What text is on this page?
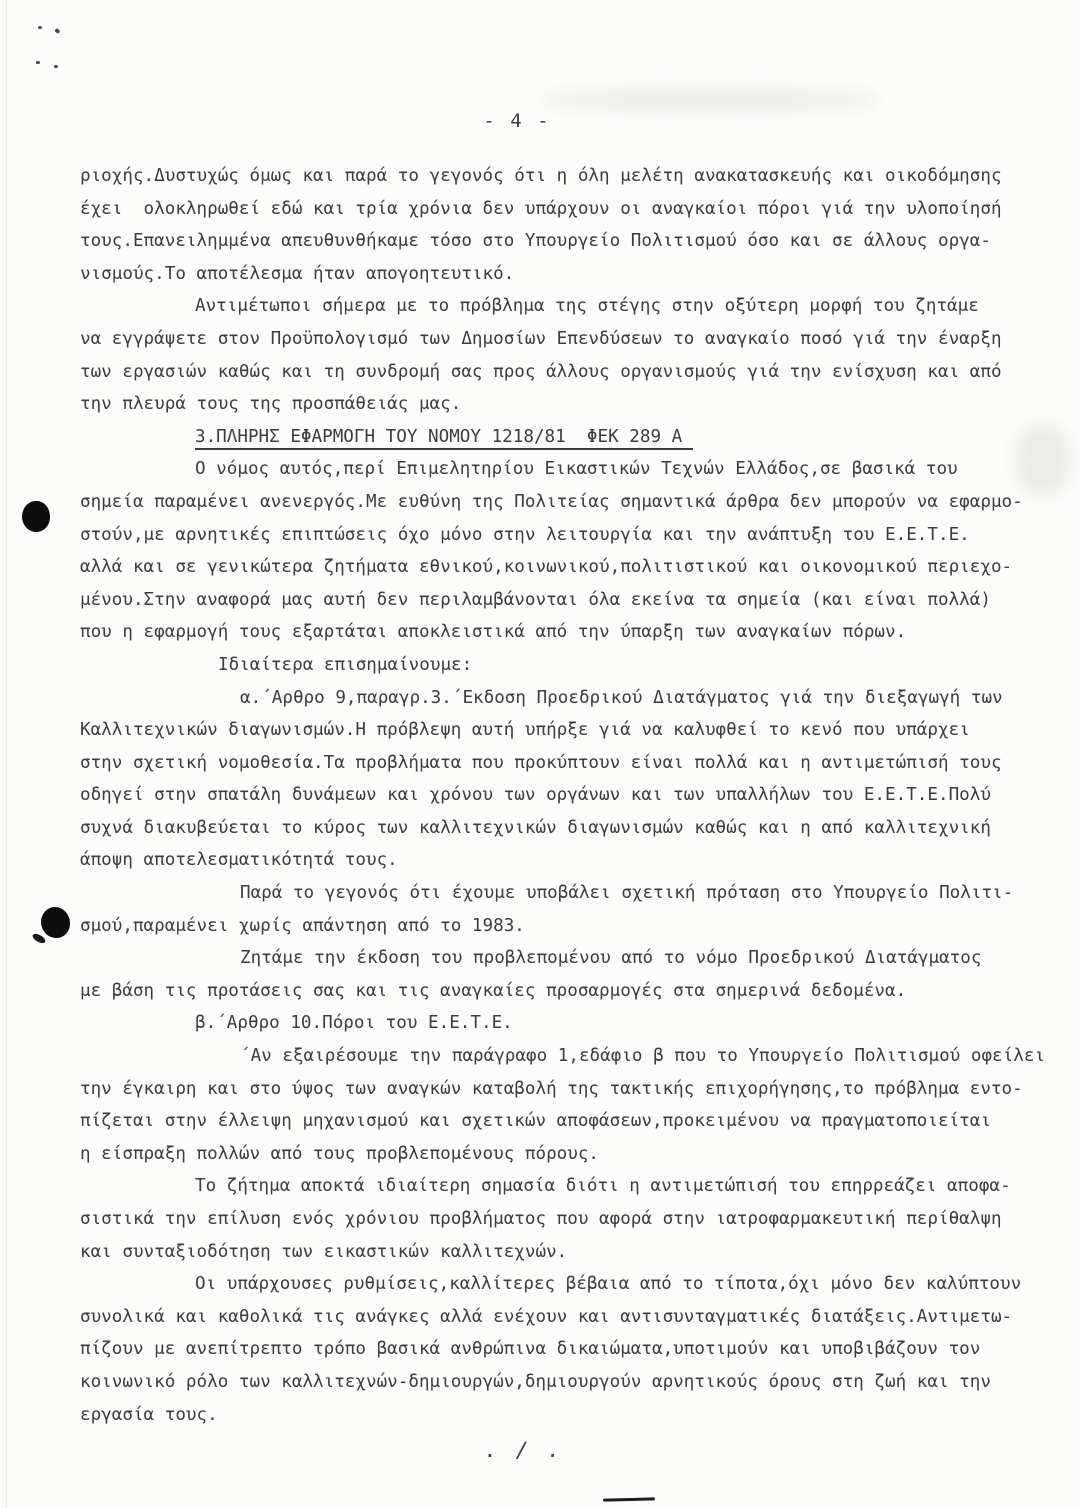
- 4 -
ριοχής.Δυστυχώς όμως και παρά το γεγονός ότι η όλη μελέτη ανακατασκευής και οικοδόμησης
έχει  ολοκληρωθεί εδώ και τρία χρόνια δεν υπάρχουν οι αναγκαίοι πόροι γιά την υλοποίησή
τους.Επανειλημμένα απευθυνθήκαμε τόσο στο Υπουργείο Πολιτισμού όσο και σε άλλους οργα-
νισμούς.Το αποτέλεσμα ήταν απογοητευτικό.
Αντιμέτωποι σήμερα με το πρόβλημα της στέγης στην οξύτερη μορφή του ζητάμε
να εγγράψετε στον Προϋπολογισμό των Δημοσίων Επενδύσεων το αναγκαίο ποσό γιά την έναρξη
των εργασιών καθώς και τη συνδρομή σας προς άλλους οργανισμούς γιά την ενίσχυση και από
την πλευρά τους της προσπάθειάς μας.
3.ΠΛΗΡΗΣ ΕΦΑΡΜΟΓΗ ΤΟΥ ΝΟΜΟΥ 1218/81  ΦΕΚ 289 Α
Ο νόμος αυτός,περί Επιμελητηρίου Εικαστικών Τεχνών Ελλάδος,σε βασικά του
σημεία παραμένει ανενεργός.Με ευθύνη της Πολιτείας σημαντικά άρθρα δεν μπορούν να εφαρμο-
στούν,με αρνητικές επιπτώσεις όχο μόνο στην λειτουργία και την ανάπτυξη του Ε.Ε.Τ.Ε.
αλλά και σε γενικώτερα ζητήματα εθνικού,κοινωνικού,πολιτιστικού και οικονομικού περιεχο-
μένου.Στην αναφορά μας αυτή δεν περιλαμβάνονται όλα εκείνα τα σημεία (και είναι πολλά)
που η εφαρμογή τους εξαρτάται αποκλειστικά από την ύπαρξη των αναγκαίων πόρων.
Ιδιαίτερα επισημαίνουμε:
α.΄Αρθρο 9,παραγρ.3.΄Εκδοση Προεδρικού Διατάγματος γιά την διεξαγωγή των
Καλλιτεχνικών διαγωνισμών.Η πρόβλεψη αυτή υπήρξε γιά να καλυφθεί το κενό που υπάρχει
στην σχετική νομοθεσία.Τα προβλήματα που προκύπτουν είναι πολλά και η αντιμετώπισή τους
οδηγεί στην σπατάλη δυνάμεων και χρόνου των οργάνων και των υπαλλήλων του Ε.Ε.Τ.Ε.Πολύ
συχνά διακυβεύεται το κύρος των καλλιτεχνικών διαγωνισμών καθώς και η από καλλιτεχνική
άποψη αποτελεσματικότητά τους.
Παρά το γεγονός ότι έχουμε υποβάλει σχετική πρόταση στο Υπουργείο Πολιτι-
σμού,παραμένει χωρίς απάντηση από το 1983.
Ζητάμε την έκδοση του προβλεπομένου από το νόμο Προεδρικού Διατάγματος
με βάση τις προτάσεις σας και τις αναγκαίες προσαρμογές στα σημερινά δεδομένα.
β.΄Αρθρο 10.Πόροι του Ε.Ε.Τ.Ε.
΄Αν εξαιρέσουμε την παράγραφο 1,εδάφιο β που το Υπουργείο Πολιτισμού οφείλει
την έγκαιρη και στο ύψος των αναγκών καταβολή της τακτικής επιχορήγησης,το πρόβλημα εντο-
πίζεται στην έλλειψη μηχανισμού και σχετικών αποφάσεων,προκειμένου να πραγματοποιείται
η είσπραξη πολλών από τους προβλεπομένους πόρους.
Το ζήτημα αποκτά ιδιαίτερη σημασία διότι η αντιμετώπισή του επηρρεάζει αποφα-
σιστικά την επίλυση ενός χρόνιου προβλήματος που αφορά στην ιατροφαρμακευτική περίθαλψη
και συνταξιοδότηση των εικαστικών καλλιτεχνών.
Οι υπάρχουσες ρυθμίσεις,καλλίτερες βέβαια από το τίποτα,όχι μόνο δεν καλύπτουν
συνολικά και καθολικά τις ανάγκες αλλά ενέχουν και αντισυνταγματικές διατάξεις.Αντιμετω-
πίζουν με ανεπίτρεπτο τρόπο βασικά ανθρώπινα δικαιώματα,υποτιμούν και υποβιβάζουν τον
κοινωνικό ρόλο των καλλιτεχνών-δημιουργών,δημιουργούν αρνητικούς όρους στη ζωή και την
εργασία τους.
. / .
